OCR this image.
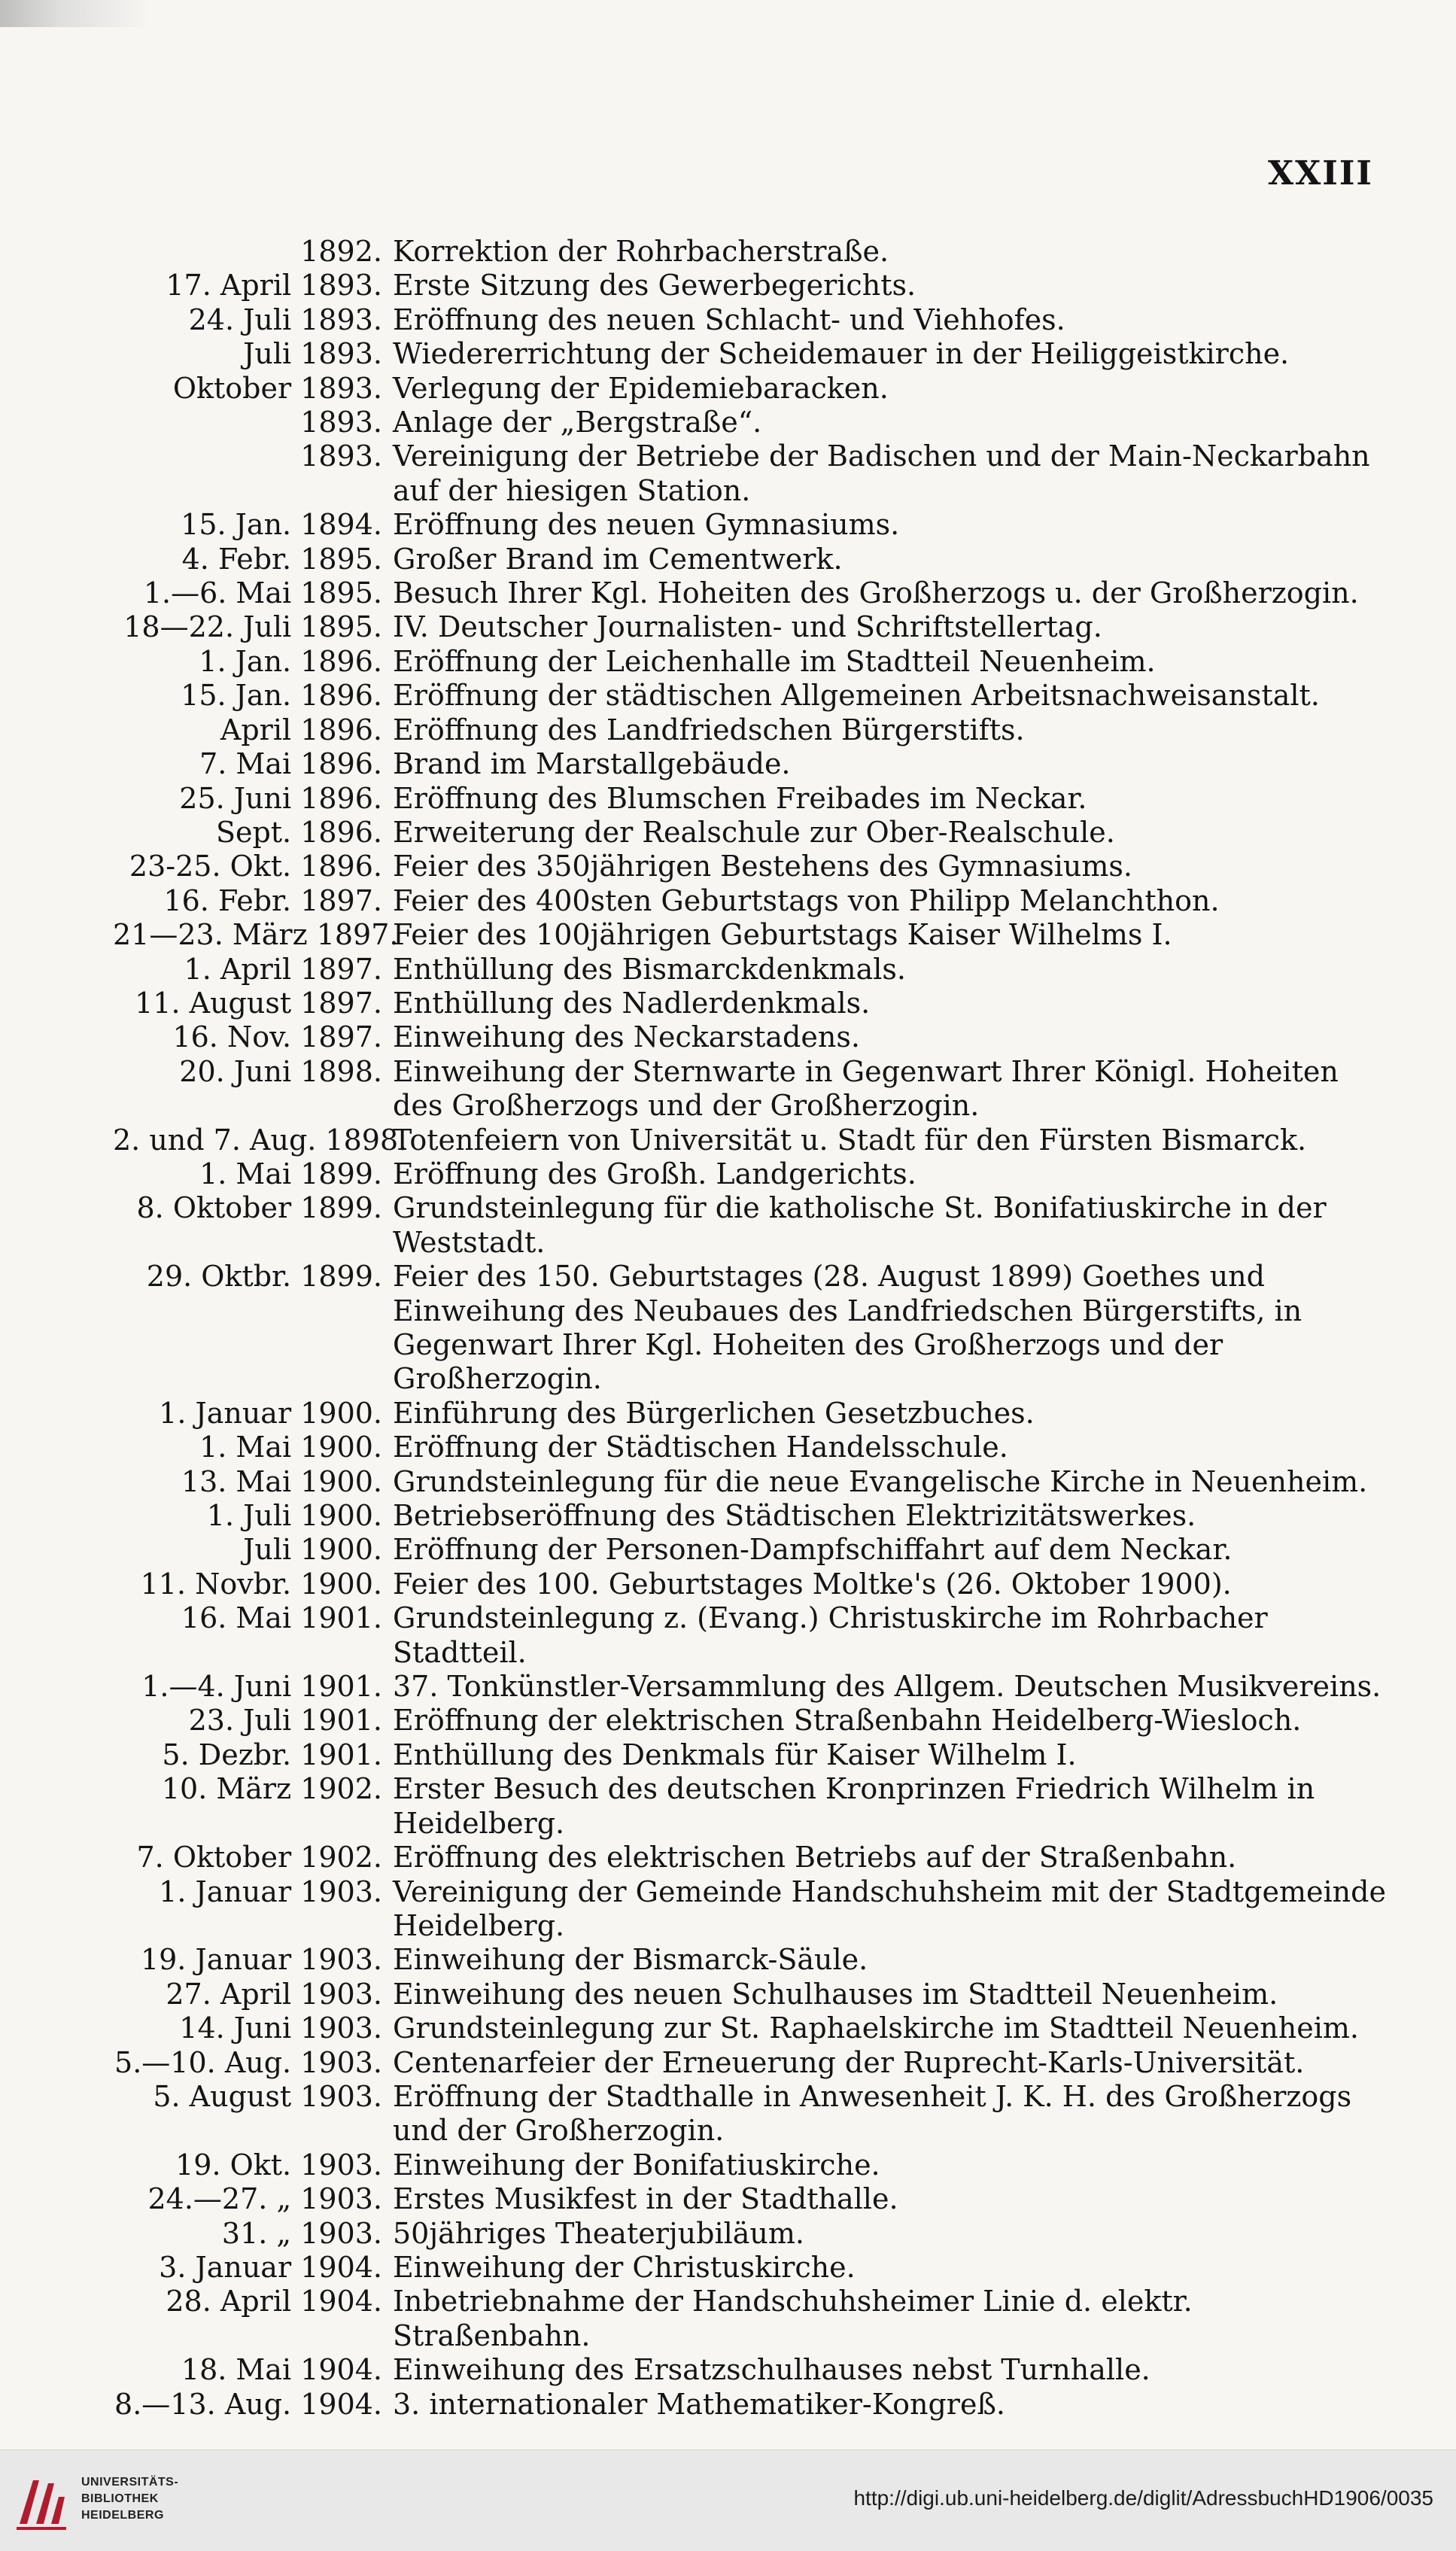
XXIII
1892. Korrektion der Rohrbacherstraße.
17. April 1893. Erste Sitzung des Gewerbegerichts.
24. Juli 1893. Eröffnung des neuen Schlacht- und Viehhofes.
Juli 1893. Wiedererrichtung der Scheidemauer in der Heiliggeistkirche.
Oktober 1893. Verlegung der Epidemiebaracken.
1893. Anlage der „Bergstraße“.
1893. Vereinigung der Betriebe der Badischen und der Main-Neckarbahn auf der hiesigen Station.
15. Jan. 1894. Eröffnung des neuen Gymnasiums.
4. Febr. 1895. Großer Brand im Cementwerk.
1.—6. Mai 1895. Besuch Ihrer Kgl. Hoheiten des Großherzogs u. der Großherzogin.
18—22. Juli 1895. IV. Deutscher Journalisten- und Schriftstellertag.
1. Jan. 1896. Eröffnung der Leichenhalle im Stadtteil Neuenheim.
15. Jan. 1896. Eröffnung der städtischen Allgemeinen Arbeitsnachweisanstalt.
April 1896. Eröffnung des Landfriedschen Bürgerstifts.
7. Mai 1896. Brand im Marstallgebäude.
25. Juni 1896. Eröffnung des Blumschen Freibades im Neckar.
Sept. 1896. Erweiterung der Realschule zur Ober-Realschule.
23-25. Okt. 1896. Feier des 350jährigen Bestehens des Gymnasiums.
16. Febr. 1897. Feier des 400sten Geburtstags von Philipp Melanchthon.
21—23. März 1897.
Feier des 100jährigen Geburtstags Kaiser Wilhelms I.
1. April 1897. Enthüllung des Bismarckdenkmals.
11. August 1897. Enthüllung des Nadlerdenkmals.
16. Nov. 1897. Einweihung des Neckarstadens.
20. Juni 1898. Einweihung der Sternwarte in Gegenwart Ihrer Königl. Hoheiten des Großherzogs und der Großherzogin.
2. und 7. Aug. 1898.
Totenfeiern von Universität u. Stadt für den Fürsten Bismarck.
1. Mai 1899. Eröffnung des Großh. Landgerichts.
8. Oktober 1899. Grundsteinlegung für die katholische St. Bonifatiuskirche in der Weststadt.
29. Oktbr. 1899. Feier des 150. Geburtstages (28. August 1899) Goethes und Einweihung des Neubaues des Landfriedschen Bürgerstifts, in Gegenwart Ihrer Kgl. Hoheiten des Großherzogs und der Großherzogin.
1. Januar 1900. Einführung des Bürgerlichen Gesetzbuches.
1. Mai 1900. Eröffnung der Städtischen Handelsschule.
13. Mai 1900. Grundsteinlegung für die neue Evangelische Kirche in Neuenheim.
1. Juli 1900. Betriebseröffnung des Städtischen Elektrizitätswerkes.
Juli 1900. Eröffnung der Personen-Dampfschiffahrt auf dem Neckar.
11. Novbr. 1900. Feier des 100. Geburtstages Moltke's (26. Oktober 1900).
16. Mai 1901. Grundsteinlegung z. (Evang.) Christuskirche im Rohrbacher Stadtteil.
1.—4. Juni 1901. 37. Tonkünstler-Versammlung des Allgem. Deutschen Musikvereins.
23. Juli 1901. Eröffnung der elektrischen Straßenbahn Heidelberg-Wiesloch.
5. Dezbr. 1901. Enthüllung des Denkmals für Kaiser Wilhelm I.
10. März 1902. Erster Besuch des deutschen Kronprinzen Friedrich Wilhelm in Heidelberg.
7. Oktober 1902. Eröffnung des elektrischen Betriebs auf der Straßenbahn.
1. Januar 1903. Vereinigung der Gemeinde Handschuhsheim mit der Stadtgemeinde Heidelberg.
19. Januar 1903. Einweihung der Bismarck-Säule.
27. April 1903. Einweihung des neuen Schulhauses im Stadtteil Neuenheim.
14. Juni 1903. Grundsteinlegung zur St. Raphaelskirche im Stadtteil Neuenheim.
5.—10. Aug. 1903. Centenarfeier der Erneuerung der Ruprecht-Karls-Universität.
5. August 1903. Eröffnung der Stadthalle in Anwesenheit J. K. H. des Großherzogs und der Großherzogin.
19. Okt. 1903. Einweihung der Bonifatiuskirche.
24.—27. „ 1903. Erstes Musikfest in der Stadthalle.
31. „ 1903. 50jähriges Theaterjubiläum.
3. Januar 1904. Einweihung der Christuskirche.
28. April 1904. Inbetriebnahme der Handschuhsheimer Linie d. elektr. Straßenbahn.
18. Mai 1904. Einweihung des Ersatzschulhauses nebst Turnhalle.
8.—13. Aug. 1904. 3. internationaler Mathematiker-Kongreß.
UNIVERSITÄTS-
BIBLIOTHEK
HEIDELBERG
http://digi.ub.uni-heidelberg.de/diglit/AdressbuchHD1906/0035
